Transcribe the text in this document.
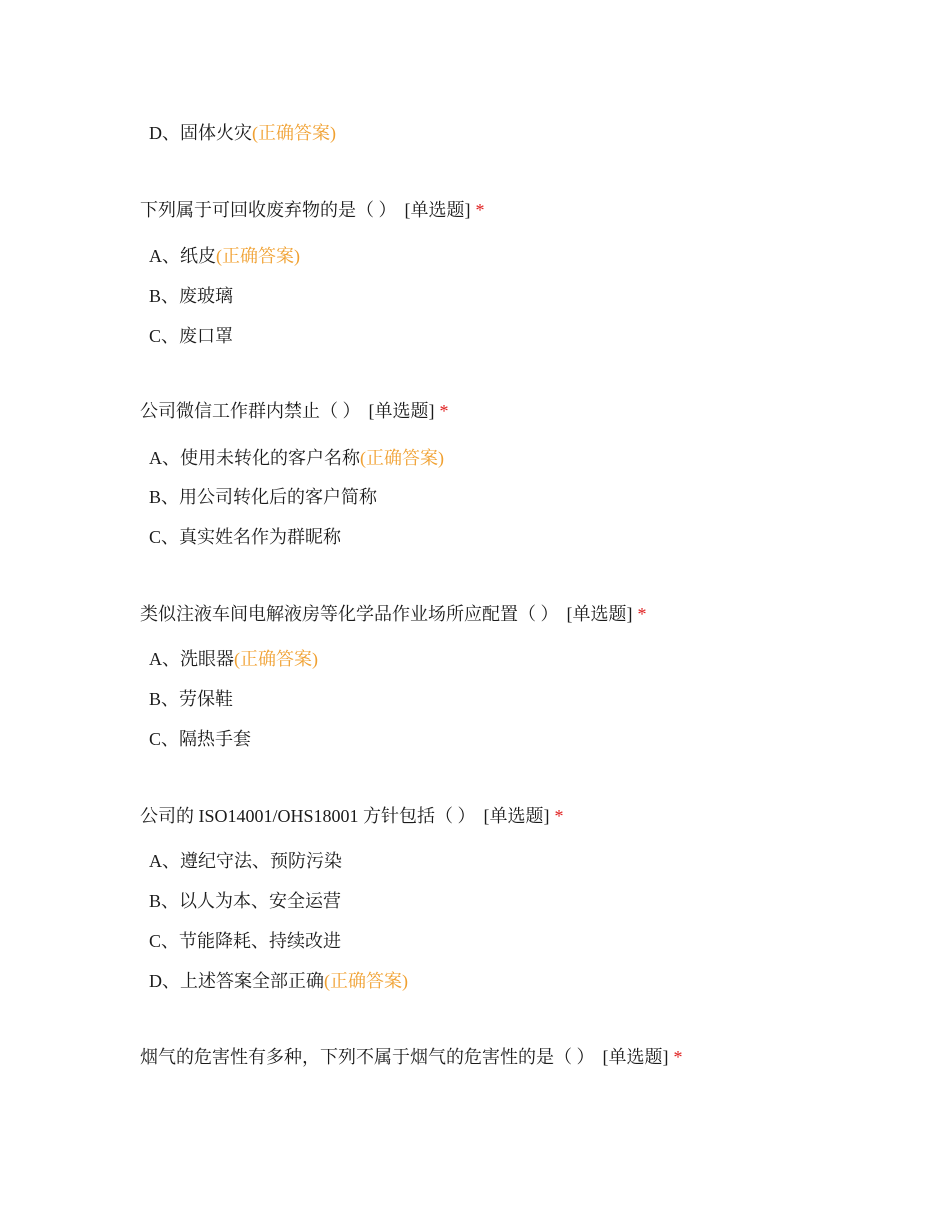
D、固体火灾(正确答案)
下列属于可回收废弃物的是（ ） [单选题] *
A、纸皮(正确答案)
B、废玻璃
C、废口罩
公司微信工作群内禁止（ ） [单选题] *
A、使用未转化的客户名称(正确答案)
B、用公司转化后的客户简称
C、真实姓名作为群昵称
类似注液车间电解液房等化学品作业场所应配置（ ） [单选题] *
A、洗眼器(正确答案)
B、劳保鞋
C、隔热手套
公司的 ISO14001/OHS18001 方针包括（ ） [单选题] *
A、遵纪守法、预防污染
B、以人为本、安全运营
C、节能降耗、持续改进
D、上述答案全部正确(正确答案)
烟气的危害性有多种，下列不属于烟气的危害性的是（ ） [单选题] *
